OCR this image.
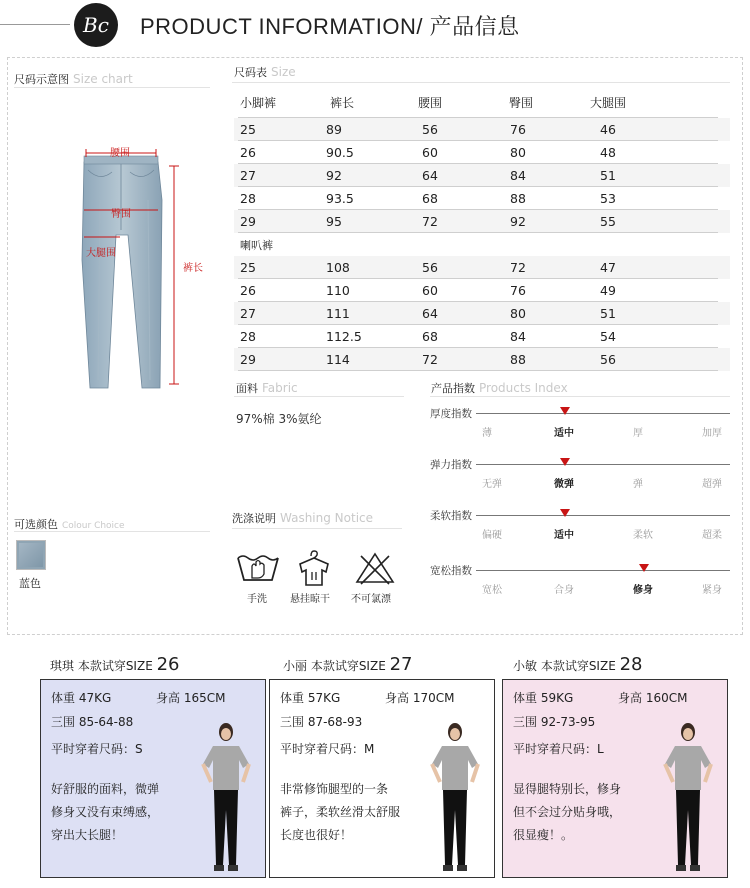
Bc	PRODUCT INFORMATION/ 产品信息
尺码示意图 Size chart
腰围
臀围
大腿围
裤长
尺码表 Size
小脚裤	裤长	腰围	臀围	大腿围
25	89	56	76	46
26	90.5	60	80	48
27	92	64	84	51
28	93.5	68	88	53
29	95	72	92	55
喇叭裤
25	108	56	72	47
26	110	60	76	49
27	111	64	80	51
28	112.5	68	84	54
29	114	72	88	56
面料 Fabric
97%棉 3%氨纶
产品指数 Products Index
厚度指数
薄	适中	厚	加厚
弹力指数
无弹	微弹	弹	超弹
柔软指数
偏硬	适中	柔软	超柔
宽松指数
宽松	合身	修身	紧身
洗涤说明 Washing Notice
手洗 悬挂晾干 不可氯漂
可选颜色 Colour Choice
蓝色
琪琪 本款试穿SIZE 26
体重 47KG	身高 165CM
三围 85-64-88
平时穿着尺码：S
好舒服的面料，微弹
修身又没有束缚感，
穿出大长腿！
小丽 本款试穿SIZE 27
体重 57KG	身高 170CM
三围 87-68-93
平时穿着尺码：M
非常修饰腿型的一条
裤子，柔软丝滑太舒服
长度也很好！
小敏 本款试穿SIZE 28
体重 59KG	身高 160CM
三围 92-73-95
平时穿着尺码：L
显得腿特别长，修身
但不会过分贴身哦，
很显瘦！。
